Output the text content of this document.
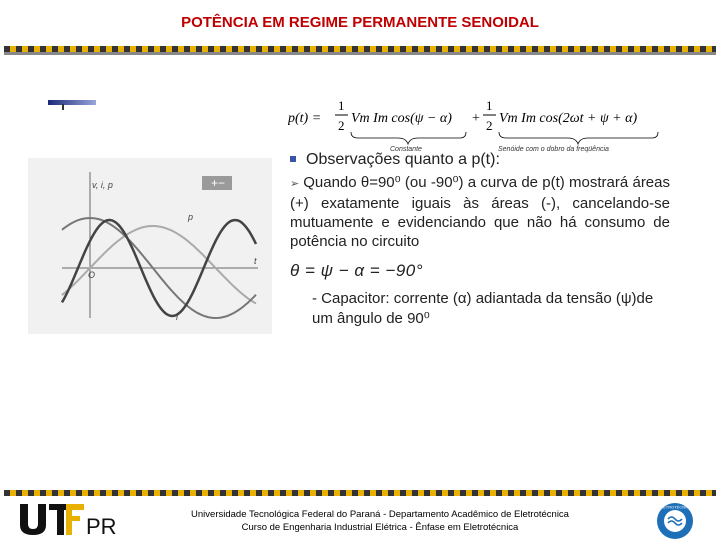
POTÊNCIA EM REGIME PERMANENTE SENOIDAL
+−
v, i, p
O
t
p
i
p(t) =
1
2 Vm Im cos(ψ − α) +
1
2 Vm Im cos(2ωt + ψ + α)
Constante	Senóide com o dobro da freqüência
Observações quanto a p(t):
➢ Quando θ=90⁰ (ou -90⁰) a curva de p(t) mostrará áreas (+) exatamente iguais às áreas (-), cancelando-se mutuamente e evidenciando que não há consumo de potência no circuito
θ = ψ − α = −90°
- Capacitor: corrente (α) adiantada da tensão (ψ)de um ângulo de 90⁰
PR	Universidade Tecnológica Federal do Paraná - Departamento Acadêmico de Eletrotécnica
Curso de Engenharia Industrial Elétrica - Ênfase em Eletrotécnica
ELETROTÉCNICA
